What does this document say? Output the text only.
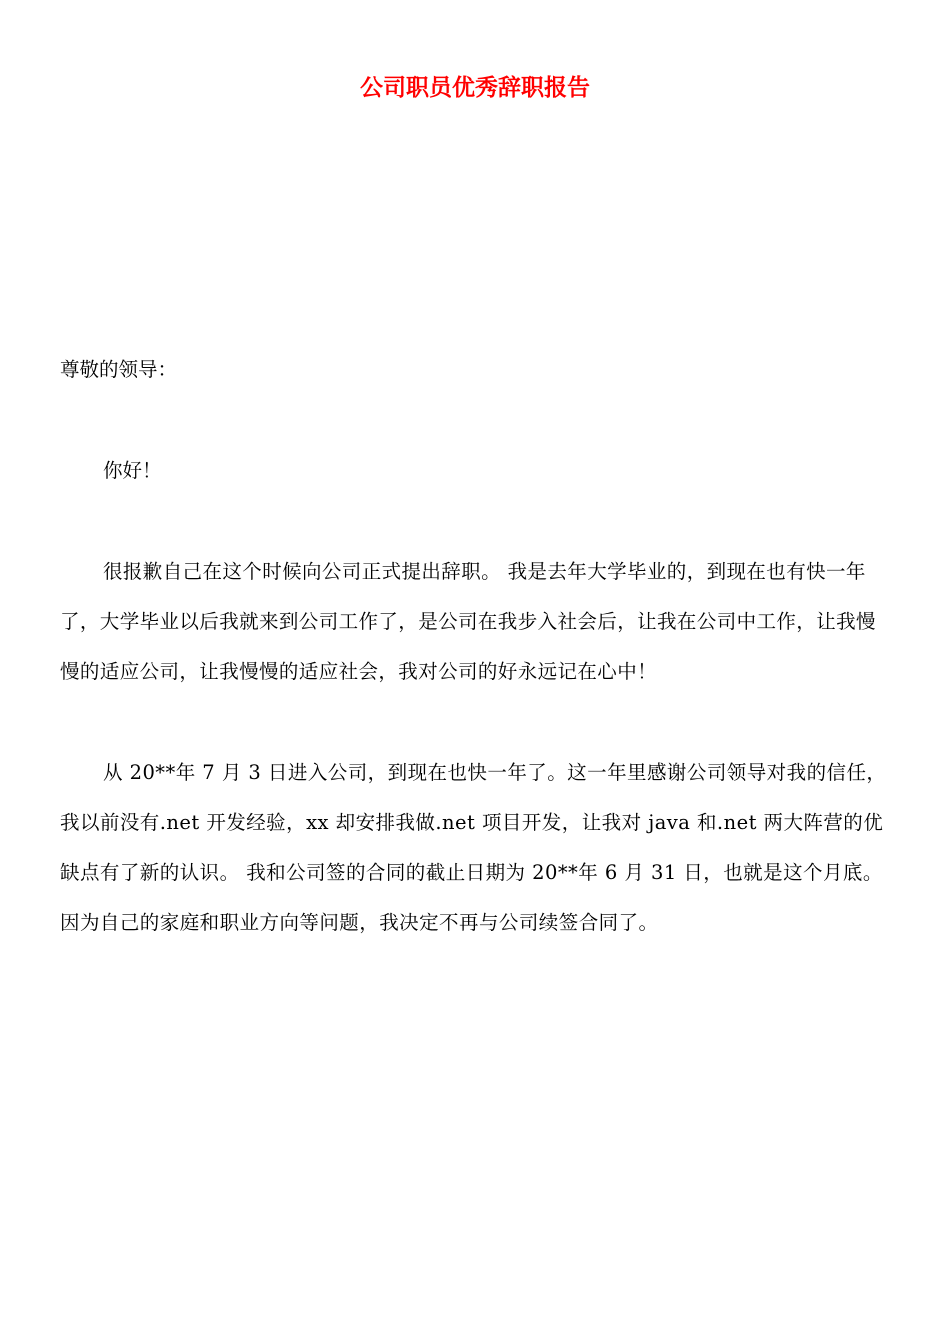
公司职员优秀辞职报告

尊敬的领导：

你好！

很报歉自己在这个时候向公司正式提出辞职。 我是去年大学毕业的，到现在也有快一年了，大学毕业以后我就来到公司工作了，是公司在我步入社会后，让我在公司中工作，让我慢慢的适应公司，让我慢慢的适应社会，我对公司的好永远记在心中！

从 20**年 7 月 3 日进入公司，到现在也快一年了。这一年里感谢公司领导对我的信任，我以前没有.net 开发经验，xx 却安排我做.net 项目开发，让我对 java 和.net 两大阵营的优缺点有了新的认识。 我和公司签的合同的截止日期为 20**年 6 月 31 日，也就是这个月底。因为自己的家庭和职业方向等问题，我决定不再与公司续签合同了。
